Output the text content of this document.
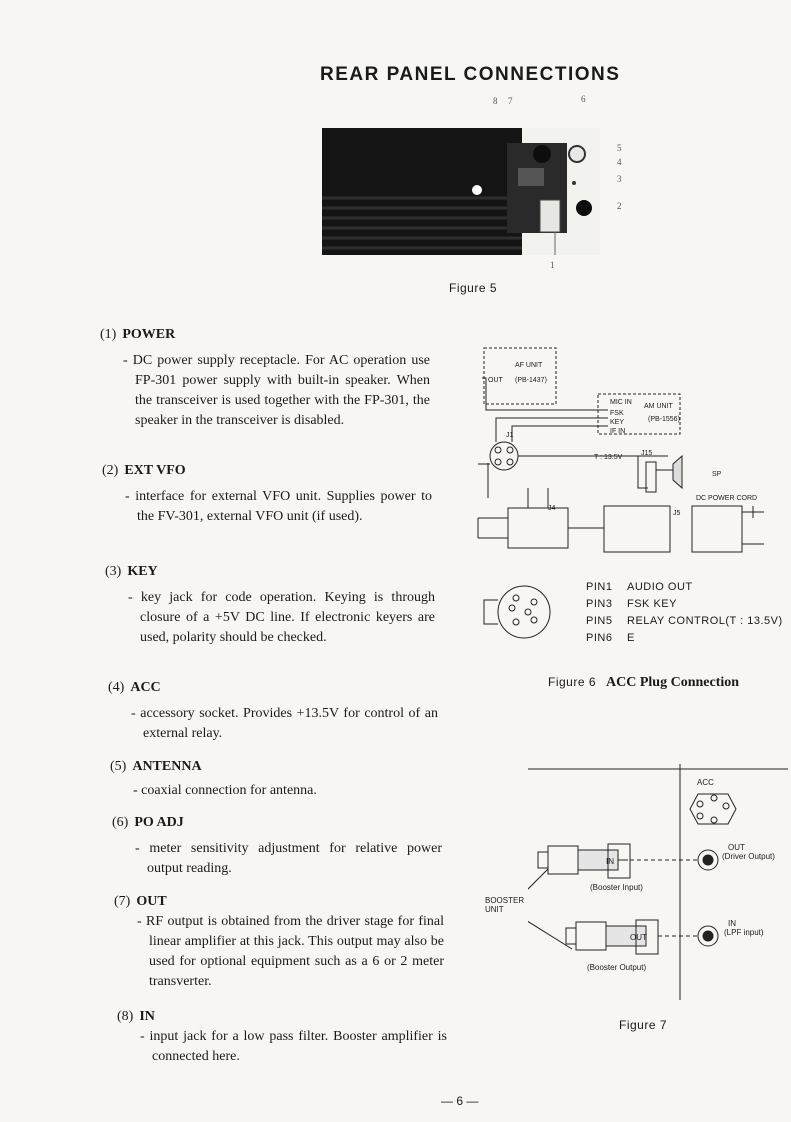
REAR PANEL CONNECTIONS
8 7	6
5
4
3
2
1
Figure 5
(1) POWER
- DC power supply receptacle. For AC operation use FP-301 power supply with built-in speaker. When the transceiver is used together with the FP-301, the speaker in the transceiver is disabled.
(2) EXT VFO
- interface for external VFO unit. Supplies power to the FV-301, external VFO unit (if used).
(3) KEY
- key jack for code operation. Keying is through closure of a +5V DC line. If electronic keyers are used, polarity should be checked.
(4) ACC
- accessory socket. Provides +13.5V for control of an external relay.
(5) ANTENNA
- coaxial connection for antenna.
(6) PO ADJ
- meter sensitivity adjustment for relative power output reading.
(7) OUT
- RF output is obtained from the driver stage for final linear amplifier at this jack. This output may also be used for optional equipment such as a 6 or 2 meter transverter.
(8) IN
- input jack for a low pass filter. Booster amplifier is connected here.
AF UNIT
(PB-1437)
OUT
MIC IN
AM UNIT
FSK
KEY	(PB-1556)
IF IN
T : 13.5V
J15
SP
DC POWER CORD
J1
J4
J5
PIN1 AUDIO OUT
PIN3 FSK KEY
PIN5 RELAY CONTROL(T : 13.5V)
PIN6 E
Figure 6 ACC Plug Connection
ACC
OUT
(Driver Output)
IN
(LPF input)
BOOSTER UNIT
(Booster Input)
(Booster Output)
IN
OUT
Figure 7
— 6 —
